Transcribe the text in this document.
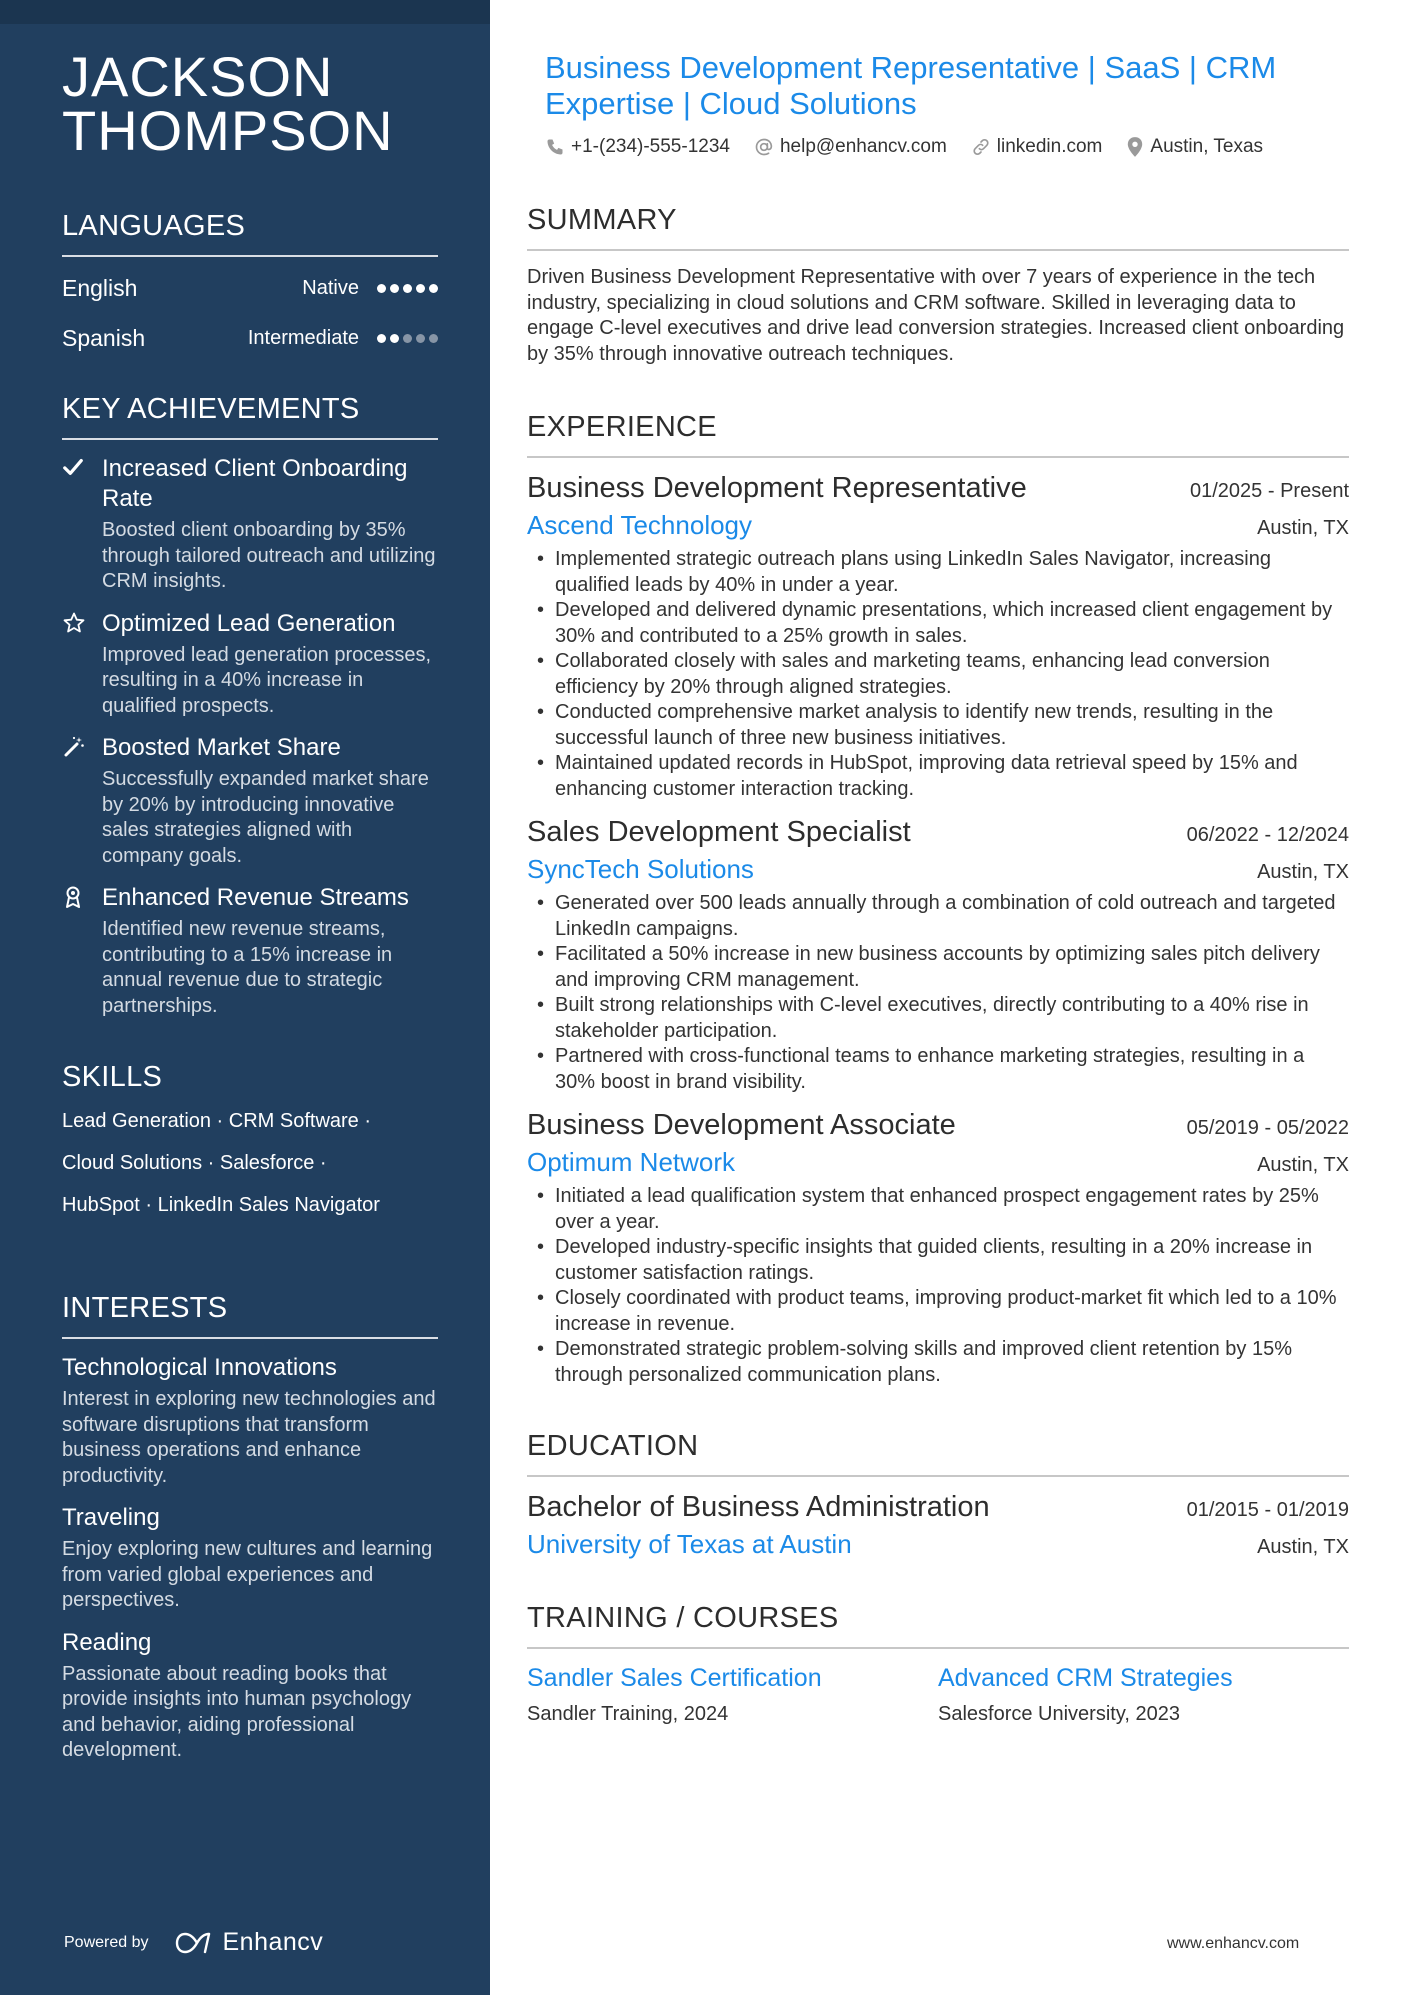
JACKSON
THOMPSON
LANGUAGES
English	Native
Spanish	Intermediate
KEY ACHIEVEMENTS
Increased Client Onboarding Rate
Boosted client onboarding by 35% through tailored outreach and utilizing CRM insights.
Optimized Lead Generation
Improved lead generation processes, resulting in a 40% increase in qualified prospects.
Boosted Market Share
Successfully expanded market share by 20% by introducing innovative sales strategies aligned with company goals.
Enhanced Revenue Streams
Identified new revenue streams, contributing to a 15% increase in annual revenue due to strategic partnerships.
SKILLS
Lead Generation · CRM Software ·
Cloud Solutions · Salesforce ·
HubSpot · LinkedIn Sales Navigator
INTERESTS
Technological Innovations
Interest in exploring new technologies and software disruptions that transform business operations and enhance productivity.
Traveling
Enjoy exploring new cultures and learning from varied global experiences and perspectives.
Reading
Passionate about reading books that provide insights into human psychology and behavior, aiding professional development.
Powered by	Enhancv
Business Development Representative | SaaS | CRM Expertise | Cloud Solutions
+1-(234)-555-1234	help@enhancv.com	linkedin.com	Austin, Texas
SUMMARY
Driven Business Development Representative with over 7 years of experience in the tech industry, specializing in cloud solutions and CRM software. Skilled in leveraging data to engage C-level executives and drive lead conversion strategies. Increased client onboarding by 35% through innovative outreach techniques.
EXPERIENCE
Business Development Representative	01/2025 - Present
Ascend Technology	Austin, TX
• Implemented strategic outreach plans using LinkedIn Sales Navigator, increasing qualified leads by 40% in under a year.
• Developed and delivered dynamic presentations, which increased client engagement by 30% and contributed to a 25% growth in sales.
• Collaborated closely with sales and marketing teams, enhancing lead conversion efficiency by 20% through aligned strategies.
• Conducted comprehensive market analysis to identify new trends, resulting in the successful launch of three new business initiatives.
• Maintained updated records in HubSpot, improving data retrieval speed by 15% and enhancing customer interaction tracking.
Sales Development Specialist	06/2022 - 12/2024
SyncTech Solutions	Austin, TX
• Generated over 500 leads annually through a combination of cold outreach and targeted LinkedIn campaigns.
• Facilitated a 50% increase in new business accounts by optimizing sales pitch delivery and improving CRM management.
• Built strong relationships with C-level executives, directly contributing to a 40% rise in stakeholder participation.
• Partnered with cross-functional teams to enhance marketing strategies, resulting in a 30% boost in brand visibility.
Business Development Associate	05/2019 - 05/2022
Optimum Network	Austin, TX
• Initiated a lead qualification system that enhanced prospect engagement rates by 25% over a year.
• Developed industry-specific insights that guided clients, resulting in a 20% increase in customer satisfaction ratings.
• Closely coordinated with product teams, improving product-market fit which led to a 10% increase in revenue.
• Demonstrated strategic problem-solving skills and improved client retention by 15% through personalized communication plans.
EDUCATION
Bachelor of Business Administration	01/2015 - 01/2019
University of Texas at Austin	Austin, TX
TRAINING / COURSES
Sandler Sales Certification
Sandler Training, 2024
Advanced CRM Strategies
Salesforce University, 2023
www.enhancv.com
